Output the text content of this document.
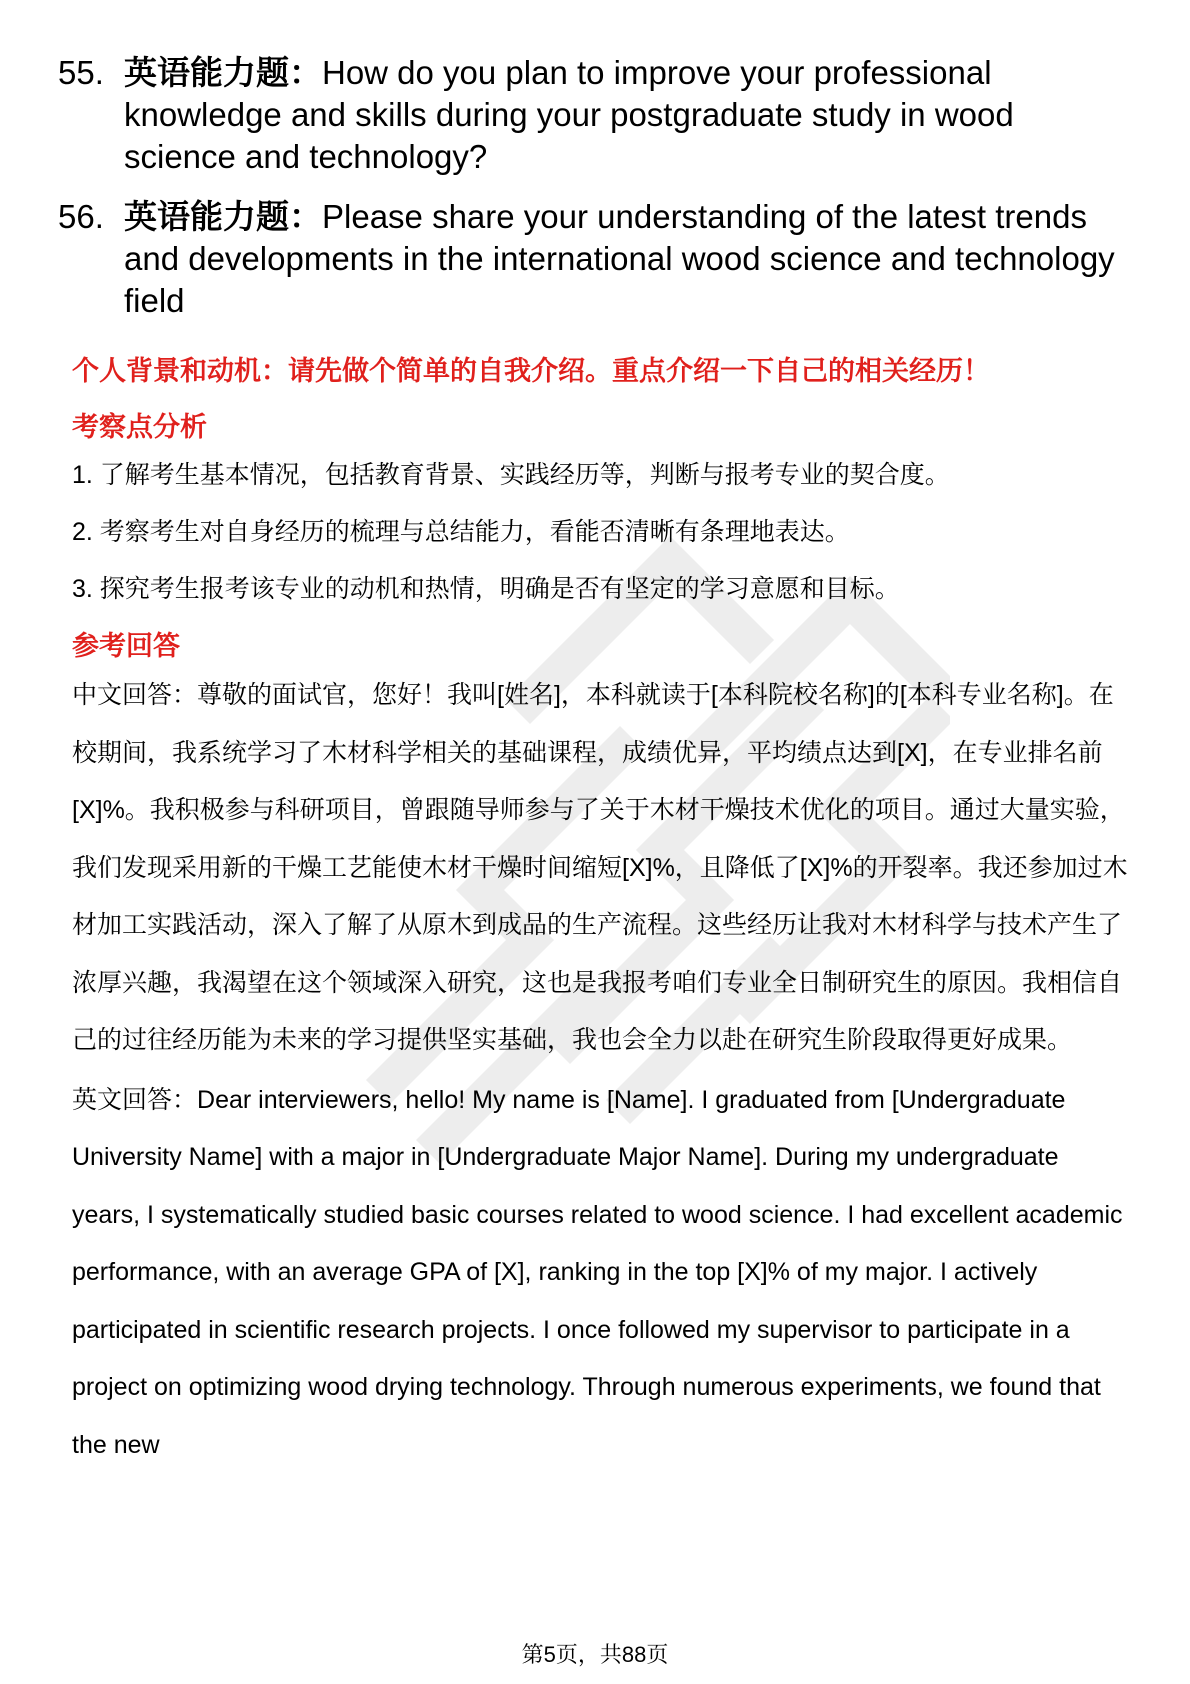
55. 英语能力题：How do you plan to improve your professional knowledge and skills during your postgraduate study in wood science and technology?
56. 英语能力题：Please share your understanding of the latest trends and developments in the international wood science and technology field
个人背景和动机：请先做个简单的自我介绍。重点介绍一下自己的相关经历！
考察点分析
1. 了解考生基本情况，包括教育背景、实践经历等，判断与报考专业的契合度。
2. 考察考生对自身经历的梳理与总结能力，看能否清晰有条理地表达。
3. 探究考生报考该专业的动机和热情，明确是否有坚定的学习意愿和目标。
参考回答
中文回答：尊敬的面试官，您好！我叫[姓名]，本科就读于[本科院校名称]的[本科专业名称]。在校期间，我系统学习了木材科学相关的基础课程，成绩优异，平均绩点达到[X]，在专业排名前[X]%。我积极参与科研项目，曾跟随导师参与了关于木材干燥技术优化的项目。通过大量实验，我们发现采用新的干燥工艺能使木材干燥时间缩短[X]%，且降低了[X]%的开裂率。我还参加过木材加工实践活动，深入了解了从原木到成品的生产流程。这些经历让我对木材科学与技术产生了浓厚兴趣，我渴望在这个领域深入研究，这也是我报考咱们专业全日制研究生的原因。我相信自己的过往经历能为未来的学习提供坚实基础，我也会全力以赴在研究生阶段取得更好成果。
英文回答：Dear interviewers, hello! My name is [Name]. I graduated from [Undergraduate University Name] with a major in [Undergraduate Major Name]. During my undergraduate years, I systematically studied basic courses related to wood science. I had excellent academic performance, with an average GPA of [X], ranking in the top [X]% of my major. I actively participated in scientific research projects. I once followed my supervisor to participate in a project on optimizing wood drying technology. Through numerous experiments, we found that the new
第5页，共88页
